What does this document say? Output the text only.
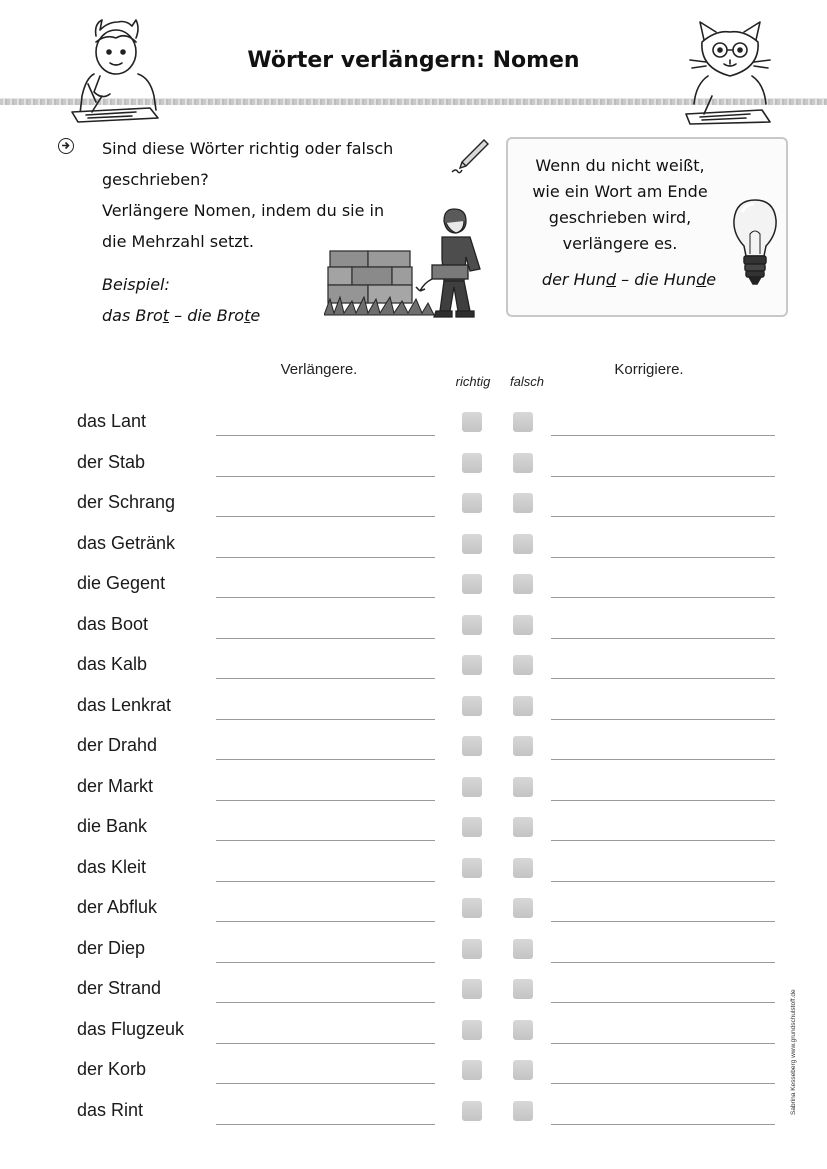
Wörter verlängern: Nomen
Sind diese Wörter richtig oder falsch
geschrieben?
Verlängere Nomen, indem du sie in
die Mehrzahl setzt.
Beispiel:
das Brot – die Brote
Wenn du nicht weißt,
wie ein Wort am Ende
geschrieben wird,
verlängere es.
der Hund – die Hunde
Verlängere.
richtig	falsch
Korrigiere.
das Lant
der Stab
der Schrang
das Getränk
die Gegent
das Boot
das Kalb
das Lenkrat
der Drahd
der Markt
die Bank
das Kleit
der Abfluk
der Diep
der Strand
das Flugzeuk
der Korb
das Rint	Sabrina Kesseberg www.grundschulstoff.de
